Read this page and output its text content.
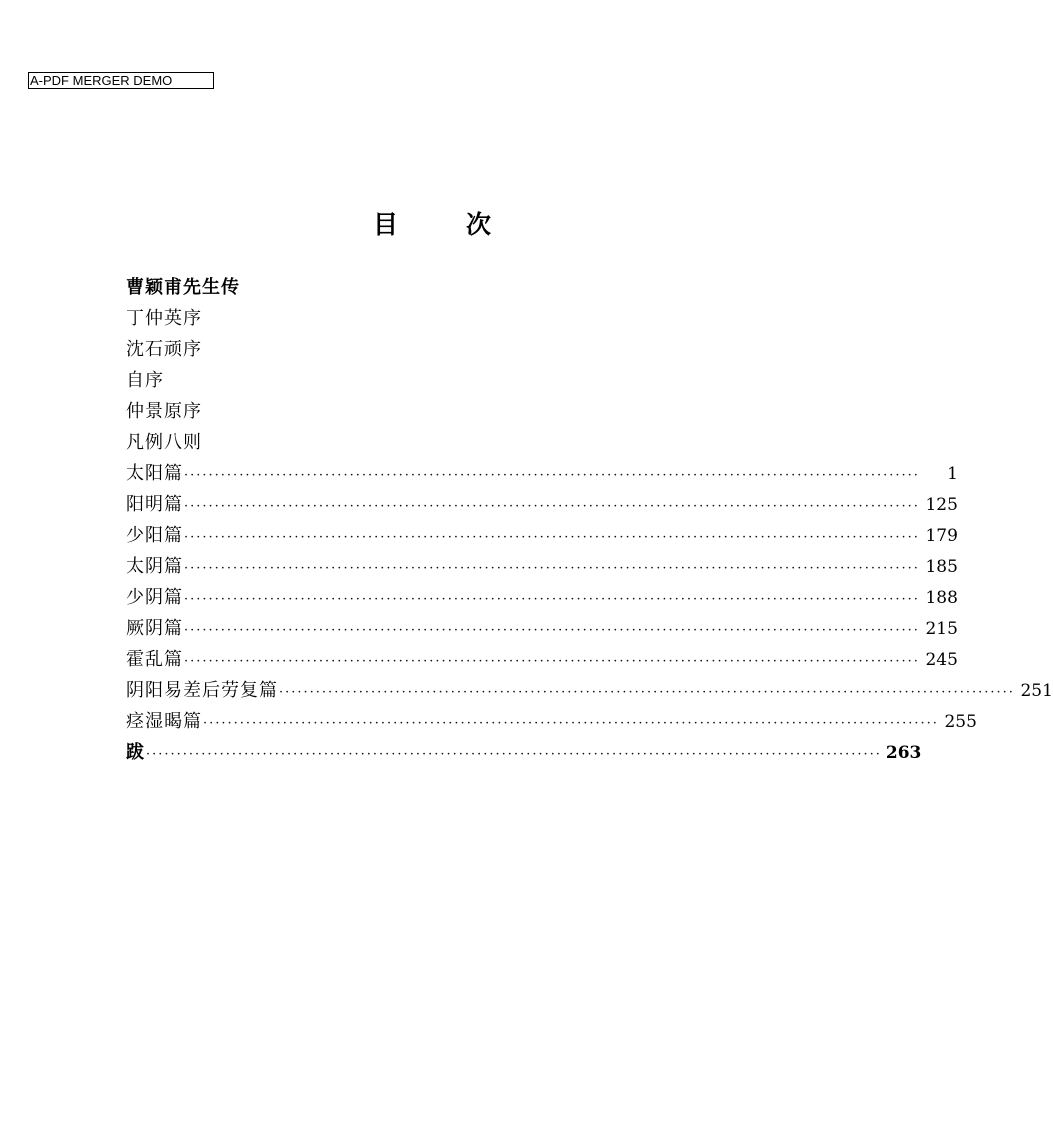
A-PDF MERGER DEMO
目	次
曹颖甫先生传
丁仲英序
沈石顽序
自序
仲景原序
凡例八则
太阳篇 ························································································································	1
阳明篇 ························································································································ 125
少阳篇 ························································································································ 179
太阴篇 ························································································································ 185
少阴篇 ························································································································ 188
厥阴篇 ························································································································ 215
霍乱篇 ························································································································ 245
阴阳易差后劳复篇 ························································································································ 251
痉湿暍篇 ························································································································ 255
跋 ························································································································ 263
